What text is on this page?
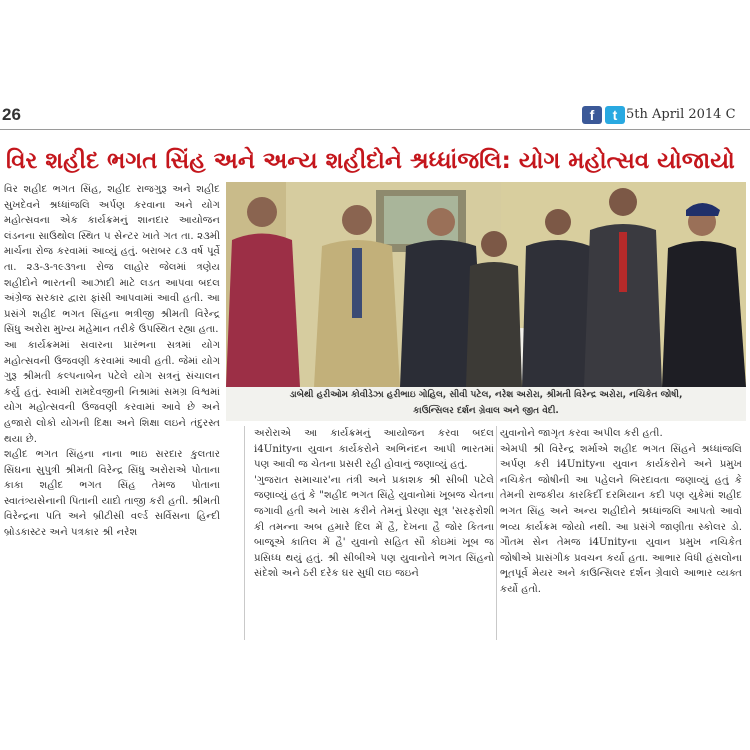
26	f	t 5th April 2014 C
વિર શહીદ ભગત સિંહ અને અન્ય શહીદોને શ્રધ્ધાંજલિ: યોગ મહોત્સવ યોજાયો
ડાબેથી હરીઓમ કોવીડેઝા હરીભાઇ ગોહિલ, સીવી પટેલ, નરેશ અરોરા, શ્રીમતી વિરેન્દ્ર અરોરા, નચિકેત જોષી,
કાઉન્સિલર દર્શન ગ્રેવાલ અને જીત વેદી.

વિર શહીદ ભગત સિંહ, શહીદ રાજગુરૂ અને શહીદ સુખદેવને શ્રધ્ધાંજલિ અર્પણ કરવાના અને યોગ મહોત્સવના એક કાર્યક્રમનું શાનદાર આયોજન લંડનના સાઉથોલ સ્થિત ૫ સેન્ટર ખાતે ગત તા. ૨૩મી માર્ચના રોજ કરવામાં આવ્યું હતું. બરાબર ૮૩ વર્ષ પૂર્વે તા. ૨૩-૩-૧૯૩૧ના રોજ લાહોર જેલમાં ત્રણેય શહીદોને ભારતની આઝાદી માટે લડત આપવા બદલ અંગ્રેજ સરકાર દ્વારા ફાંસી આપવામાં આવી હતી. આ પ્રસંગે શહીદ ભગત સિંહના ભત્રીજી શ્રીમતી વિરેન્દ્ર સિંધુ અરોરા મુખ્ય મહેમાન તરીકે ઉપસ્થિત રહ્યા હતા.

આ કાર્યક્રમમાં સવારના પ્રારંભના સત્રમાં યોગ મહોત્સવની ઉજવણી કરવામાં આવી હતી. જેમાં યોગ ગુરૂ શ્રીમતી કલ્પનાબેન પટેલે યોગ સત્રનું સંચાલન કર્યું હતું. સ્વામી રામદેવજીની નિશ્રામાં સમગ્ર વિશ્વમાં યોગ મહોત્સવની ઉજવણી કરવામાં આવે છે અને હજારો લોકો યોગની દિક્ષા અને શિક્ષા લઇને તંદુરસ્ત થયા છે.

શહીદ ભગત સિંહના નાના ભાઇ સરદાર કુલતાર સિંઘના સુપુત્રી શ્રીમતી વિરેન્દ્ર સિંધુ અરોરાએ પોતાના કાકા શહીદ ભગત સિંહ તેમજ પોતાના સ્વાતંત્ર્યસેનાની પિતાની યાદો તાજી કરી હતી. શ્રીમતી વિરેન્દ્રના પતિ અને બ્રીટીસી વર્લ્ડ સર્વિસના હિન્દી બ્રોડકાસ્ટર અને પત્રકાર શ્રી નરેશ

અરોરાએ આ કાર્યક્રમનું આયોજન કરવા બદલ i4Unityના યુવાન કાર્યકરોને અભિનંદન આપી ભારતમાં પણ આવી જ ચેતના પ્રસરી રહી હોવાનું જણાવ્યું હતું.

'ગુજરાત સમાચાર'ના તંત્રી અને પ્રકાશક શ્રી સીબી પટેલે જણાવ્યું હતું કે "શહીદ ભગત સિંહે યુવાનોમાં ખૂબજ ચેતના જગાવી હતી અને ખાસ કરીને તેમનું પ્રેરણા સૂત્ર 'સરફરોશી કી તમન્ના અબ હમારે દિલ મેં હૈ, દેખના હૈ જોર કિતના બાજૂએ કાતિલ મેં હૈ' યુવાનો સહિત સૌ કોઇમાં ખૂબ જ પ્રસિધ્ધ થયું હતું. શ્રી સીબીએ પણ યુવાનોને ભગત સિંહનો સંદેશો અને ઠરી દરેક ઘર સુધી લઇ જઇને

યુવાનોને જાગૃત કરવા અપીલ કરી હતી.

એમપી શ્રી વિરેન્દ્ર શર્માએ શહીદ ભગત સિંહને શ્રધ્ધાંજલિ અર્પણ કરી i4Unityના યુવાન કાર્યકરોને અને પ્રમુખ નચિકેત જોષીની આ પહેલને બિરદાવતા જણાવ્યું હતું કે તેમની રાજકીય કારકિર્દી દરમિયાન કદી પણ યુકેમાં શહીદ ભગત સિંહ અને અન્ય શહીદોને શ્રધ્ધાંજલિ આપતો આવો ભવ્ય કાર્યક્રમ જોયો નથી. આ પ્રસંગે જાણીતા સ્કોલર ડો. ગૌતમ સેન તેમજ i4Unityના યુવાન પ્રમુખ નચિકેત જોષીએ પ્રાસંગીક પ્રવચન કર્યા હતા. આભાર વિધી હંસલોના ભૂતપૂર્વ મેયર અને કાઉન્સિલર દર્શન ગ્રેવાલે આભાર વ્યક્ત કર્યો હતો.
